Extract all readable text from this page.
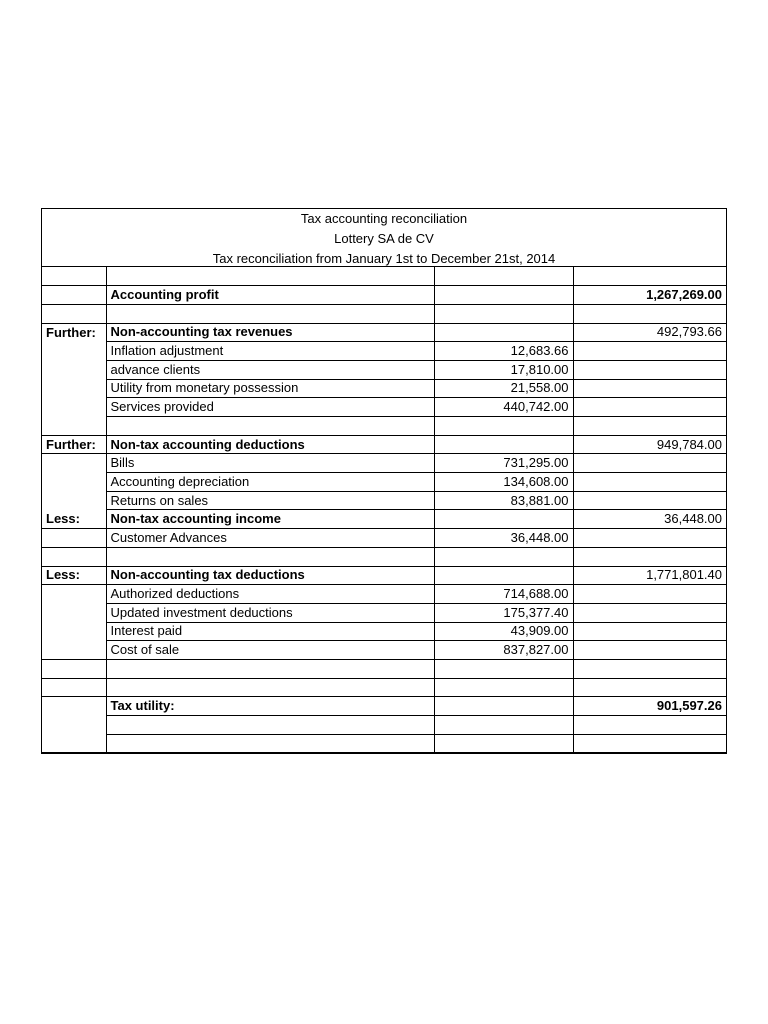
Tax accounting reconciliation
Lottery SA de CV
Tax reconciliation from January 1st to December 21st, 2014

	Accounting profit		1,267,269.00

Further:	Non-accounting tax revenues		492,793.66
	Inflation adjustment	12,683.66	
	advance clients	17,810.00	
	Utility from monetary possession	21,558.00	
	Services provided	440,742.00	

Further:	Non-tax accounting deductions		949,784.00
	Bills	731,295.00	
	Accounting depreciation	134,608.00	
	Returns on sales	83,881.00	
Less:	Non-tax accounting income		36,448.00
	Customer Advances	36,448.00	

Less:	Non-accounting tax deductions		1,771,801.40
	Authorized deductions	714,688.00	
	Updated investment deductions	175,377.40	
	Interest paid	43,909.00	
	Cost of sale	837,827.00	

	Tax utility:		901,597.26
